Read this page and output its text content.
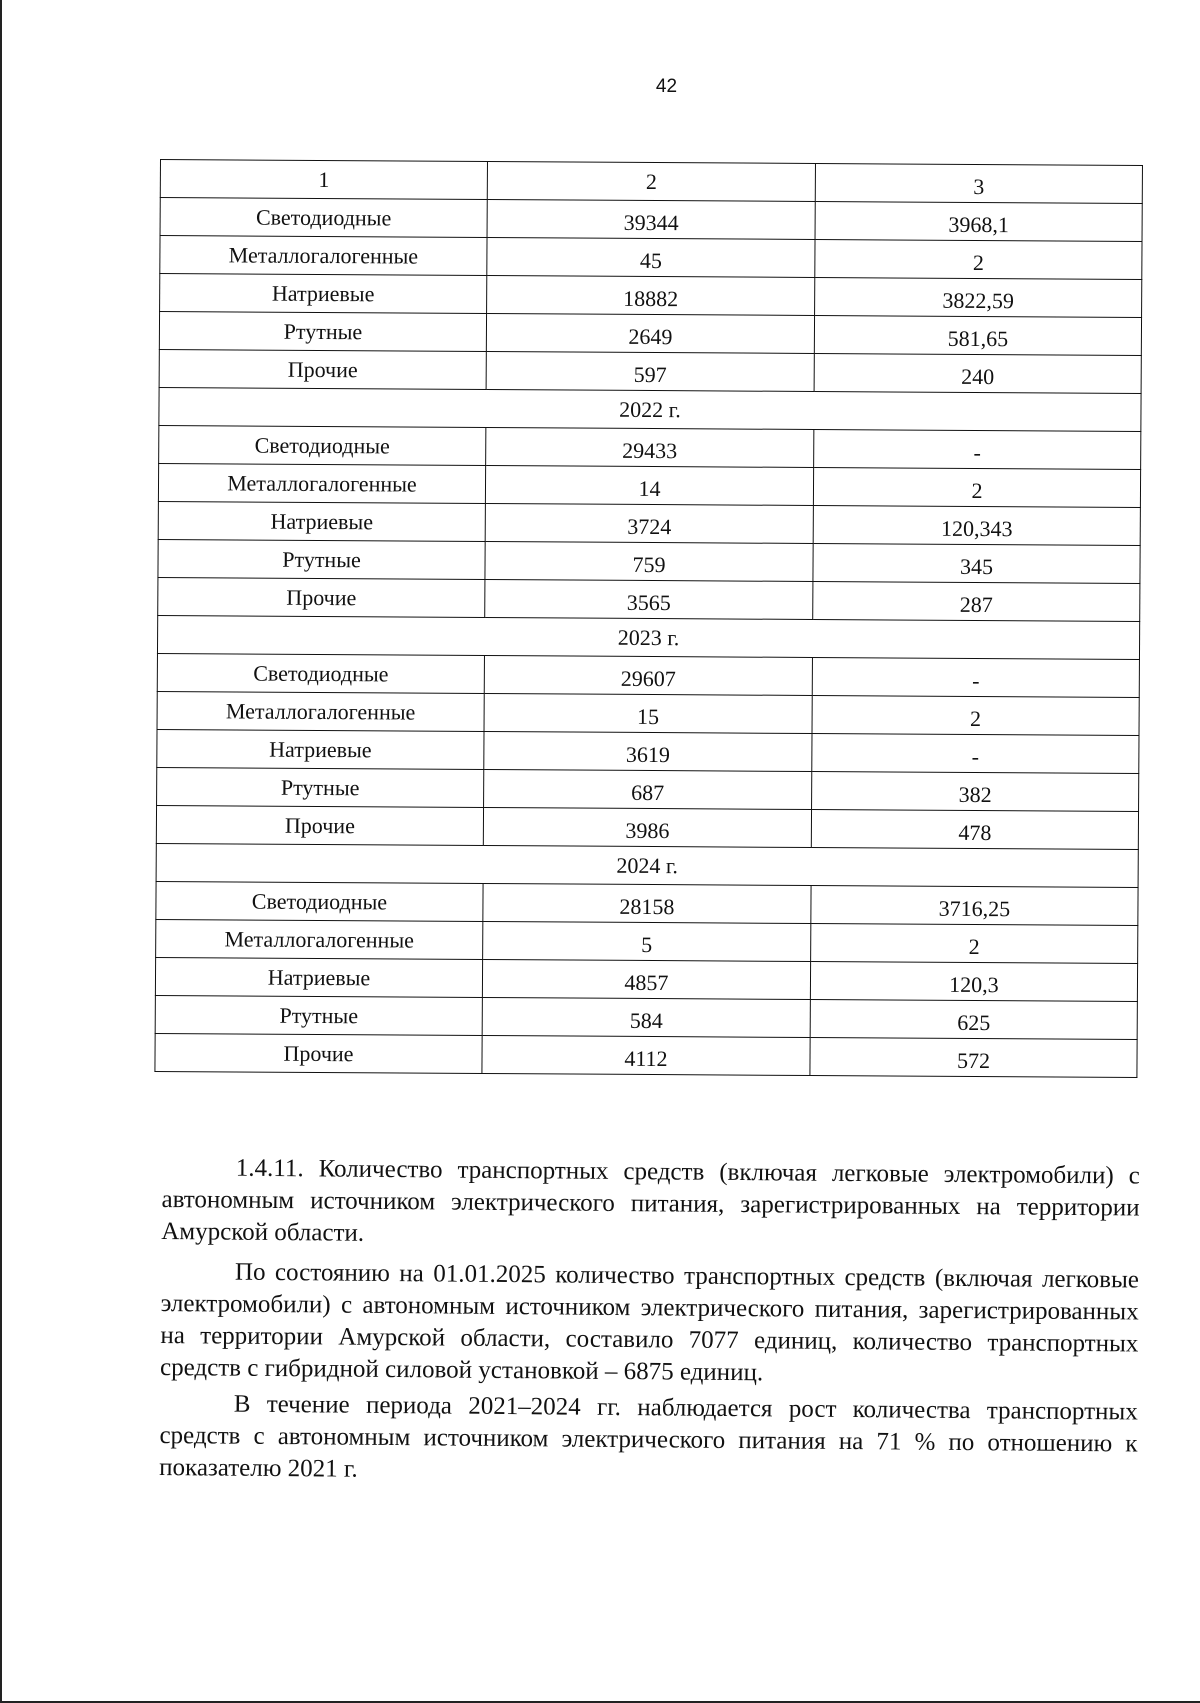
42
1	2	3
Светодиодные	39344	3968,1
Металлогалогенные	45	2
Натриевые	18882	3822,59
Ртутные	2649	581,65
Прочие	597	240
2022 г.		
Светодиодные	29433	-
Металлогалогенные	14	2
Натриевые	3724	120,343
Ртутные	759	345
Прочие	3565	287
2023 г.		
Светодиодные	29607	-
Металлогалогенные	15	2
Натриевые	3619	-
Ртутные	687	382
Прочие	3986	478
2024 г.		
Светодиодные	28158	3716,25
Металлогалогенные	5	2
Натриевые	4857	120,3
Ртутные	584	625
Прочие	4112	572

1.4.11. Количество транспортных средств (включая легковые электромобили) с автономным источником электрического питания, зарегистрированных на территории Амурской области.

По состоянию на 01.01.2025 количество транспортных средств (включая легковые электромобили) с автономным источником электрического питания, зарегистрированных на территории Амурской области, составило 7077 единиц, количество транспортных средств с гибридной силовой установкой – 6875 единиц.

В течение периода 2021–2024 гг. наблюдается рост количества транспортных средств с автономным источником электрического питания на 71 % по отношению к показателю 2021 г.
